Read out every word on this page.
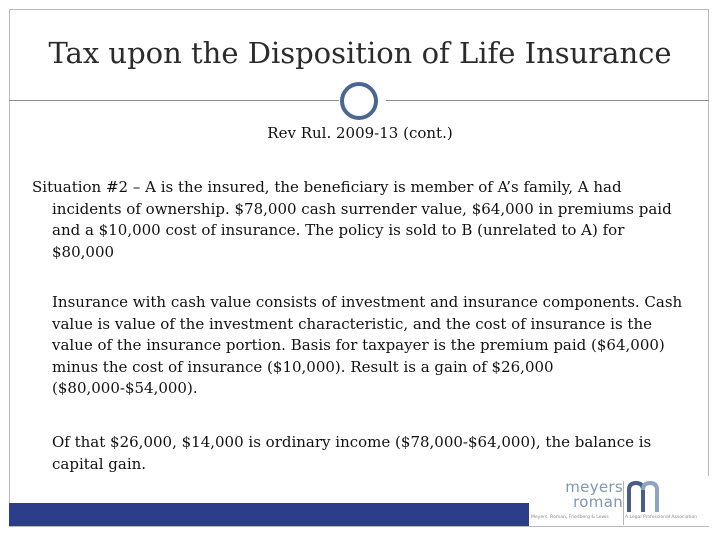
Tax upon the Disposition of Life Insurance
Rev Rul. 2009-13 (cont.)
Situation #2 – A is the insured, the beneficiary is member of A’s family, A had incidents of ownership. $78,000 cash surrender value, $64,000 in premiums paid and a $10,000 cost of insurance. The policy is sold to B (unrelated to A) for $80,000
Insurance with cash value consists of investment and insurance components. Cash value is value of the investment characteristic, and the cost of insurance is the value of the insurance portion. Basis for taxpayer is the premium paid ($64,000) minus the cost of insurance ($10,000). Result is a gain of $26,000 ($80,000-$54,000).
Of that $26,000, $14,000 is ordinary income ($78,000-$64,000), the balance is capital gain.
meyers
roman
Meyers, Roman, Friedberg & Lewis	A Legal Professional Association
